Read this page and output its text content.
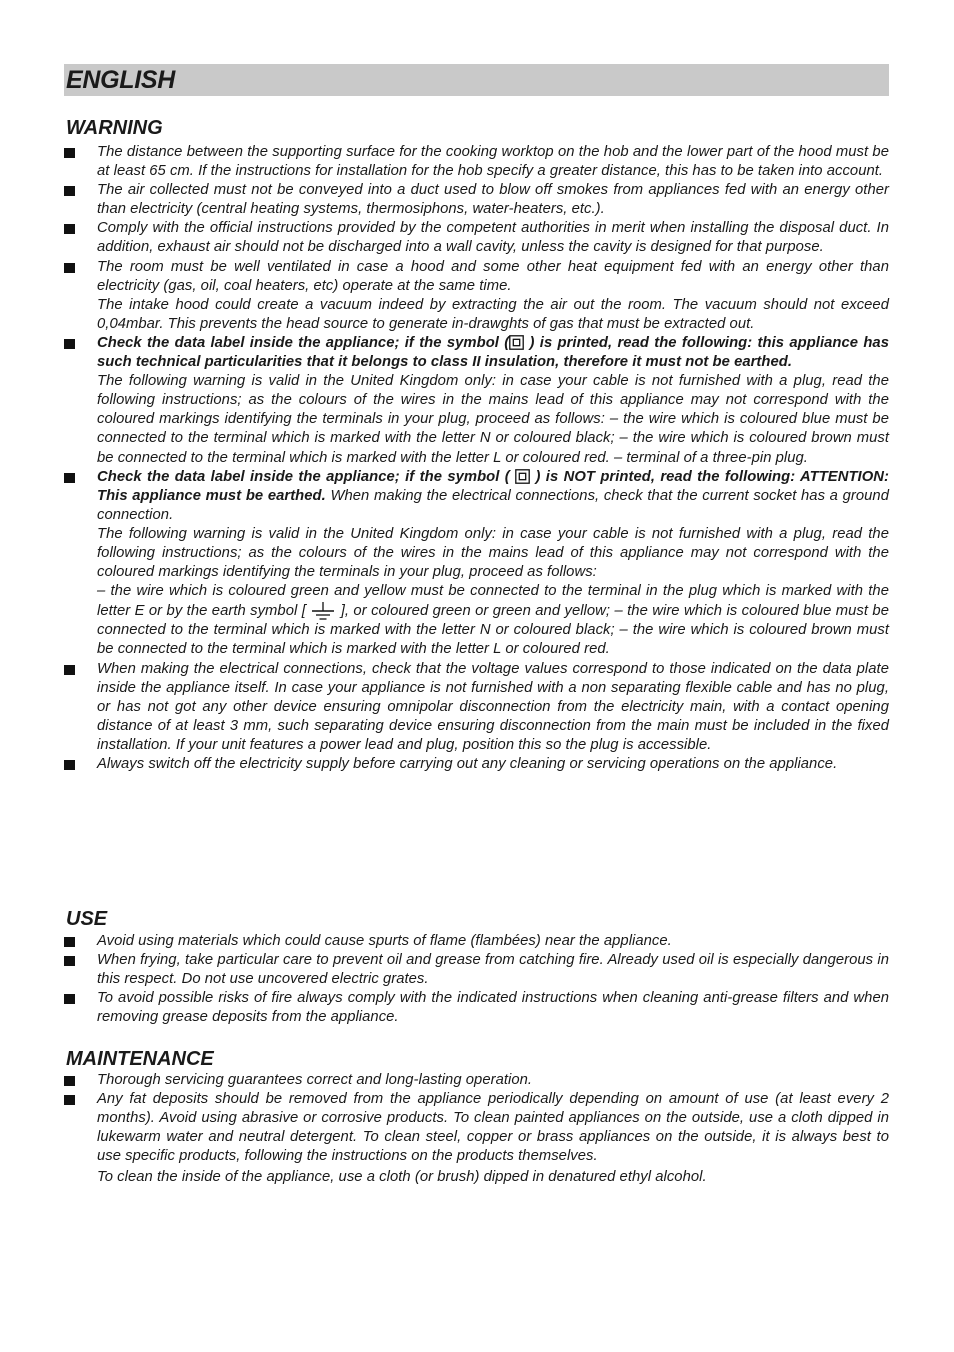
ENGLISH
WARNING

The distance between the supporting surface for the cooking worktop on the hob and the lower part of the hood must be at least 65 cm. If the instructions for installation for the hob specify a greater distance, this has to be taken into account.

The air collected must not be conveyed into a duct used to blow off smokes from appliances fed with an energy other than electricity (central heating systems, thermosiphons, water-heaters, etc.).

Comply with the official instructions provided by the competent authorities in merit when installing the disposal duct. In addition, exhaust air should not be discharged into a wall cavity, unless the cavity is designed for that purpose.

The room must be well ventilated in case a hood and some other heat equipment fed with an energy other than electricity (gas, oil, coal heaters, etc) operate at the same time.

The intake hood could create a vacuum indeed by extracting the air out the room. The vacuum should not exceed 0,04mbar. This prevents the head source to generate in-drawghts of gas that must be extracted out.

Check the data label inside the appliance; if the symbol ( ) is printed, read the following: this appliance has such technical particularities that it belongs to class II insulation, therefore it must not be earthed.

The following warning is valid in the United Kingdom only: in case your cable is not furnished with a plug, read the following instructions; as the colours of the wires in the mains lead of this appliance may not correspond with the coloured markings identifying the terminals in your plug, proceed as follows: – the wire which is coloured blue must be connected to the terminal which is marked with the letter N or coloured black; – the wire which is coloured brown must be connected to the terminal which is marked with the letter L or coloured red. – terminal of a three-pin plug.

Check the data label inside the appliance; if the symbol ( ) is NOT printed, read the following: ATTENTION: This appliance must be earthed. When making the electrical connections, check that the current socket has a ground connection.

The following warning is valid in the United Kingdom only: in case your cable is not furnished with a plug, read the following instructions; as the colours of the wires in the mains lead of this appliance may not correspond with the coloured markings identifying the terminals in your plug, proceed as follows:

– the wire which is coloured green and yellow must be connected to the terminal in the plug which is marked with the letter E or by the earth symbol [ ], or coloured green or green and yellow; – the wire which is coloured blue must be connected to the terminal which is marked with the letter N or coloured black; – the wire which is coloured brown must be connected to the terminal which is marked with the letter L or coloured red.

When making the electrical connections, check that the voltage values correspond to those indicated on the data plate inside the appliance itself. In case your appliance is not furnished with a non separating flexible cable and has no plug, or has not got any other device ensuring omnipolar disconnection from the electricity main, with a contact opening distance of at least 3 mm, such separating device ensuring disconnection from the main must be included in the fixed installation. If your unit features a power lead and plug, position this so the plug is accessible.

Always switch off the electricity supply before carrying out any cleaning or servicing operations on the appliance.

USE

Avoid using materials which could cause spurts of flame (flambées) near the appliance.

When frying, take particular care to prevent oil and grease from catching fire. Already used oil is especially dangerous in this respect. Do not use uncovered electric grates.

To avoid possible risks of fire always comply with the indicated instructions when cleaning anti-grease filters and when removing grease deposits from the appliance.

MAINTENANCE

Thorough servicing guarantees correct and long-lasting operation.

Any fat deposits should be removed from the appliance periodically depending on amount of use (at least every 2 months). Avoid using abrasive or corrosive products. To clean painted appliances on the outside, use a cloth dipped in lukewarm water and neutral detergent. To clean steel, copper or brass appliances on the outside, it is always best to use specific products, following the instructions on the products themselves.

To clean the inside of the appliance, use a cloth (or brush) dipped in denatured ethyl alcohol.
